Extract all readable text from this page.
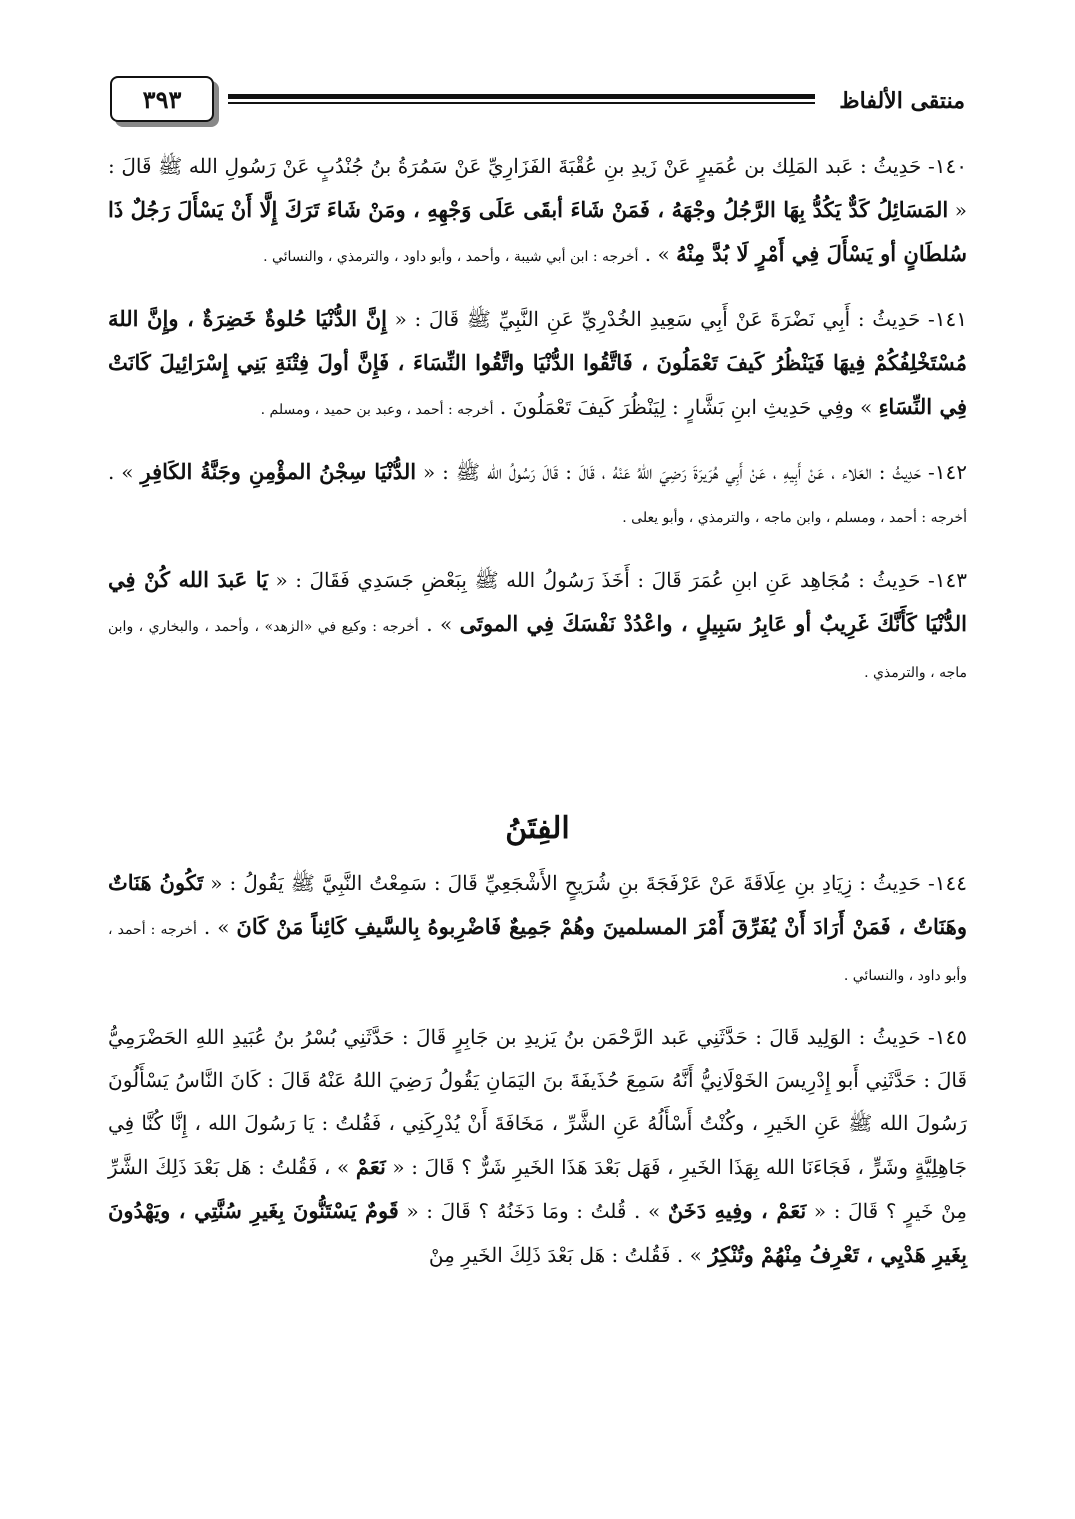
منتقى الألفاظ
٣٩٣

١٤٠- حَدِيثُ : عَبد المَلِك بن عُمَيرٍ عَنْ زَيدِ بنِ عُقْبَةَ الفَزَارِيِّ عَنْ سَمُرَةُ بنُ جُنْدُبٍ عَنْ رَسُولِ الله ﷺ قَالَ : « المَسَائِلُ كَدٌّ يَكُدُّ بِهَا الرَّجُلُ وجْهَهُ ، فَمَنْ شَاءَ أبقَى عَلَى وَجْهِهِ ، ومَنْ شَاءَ تَرَكَ إِلَّا أَنْ يَسْأَلَ رَجُلٌ ذَا سُلطَانٍ أو يَسْأَلَ فِي أَمْرٍ لَا بُدَّ مِنْهُ » . أخرجه : ابن أبي شيبة ، وأحمد ، وأبو داود ، والترمذي ، والنسائي .

١٤١- حَدِيثُ : أَبِي نَضْرَةَ عَنْ أَبِي سَعِيدِ الخُدْرِيِّ عَنِ النَّبِيِّ ﷺ قَالَ : « إِنَّ الدُّنْيَا حُلوةٌ خَضِرَةٌ ، وإِنَّ اللهَ مُسْتَخْلِفُكُمْ فِيهَا فَيَنْظُرُ كَيفَ تَعْمَلُونَ ، فَاتَّقُوا الدُّنْيَا واتَّقُوا النِّسَاءَ ، فَإِنَّ أولَ فِتْنَةِ بَنِي إِسْرَائِيلَ كَانَتْ فِي النِّسَاءِ » وفِي حَدِيثِ ابنِ بَشَّارٍ : لِيَنْظُرَ كَيفَ تَعْمَلُونَ . أخرجه : أحمد ، وعبد بن حميد ، ومسلم .

١٤٢- حَدِيثُ : العَلاء ، عَنْ أَبِيهِ ، عَنْ أَبِي هُرَيرَةَ رَضِيَ اللهُ عَنْهُ ، قَالَ : قَالَ رَسُولُ الله ﷺ : « الدُّنْيَا سِجْنُ المؤْمِنِ وجَنَّةُ الكَافِرِ » . أخرجه : أحمد ، ومسلم ، وابن ماجه ، والترمذي ، وأبو يعلى .

١٤٣- حَدِيثُ : مُجَاهِد عَنِ ابنِ عُمَرَ قَالَ : أَخَذَ رَسُولُ الله ﷺ بِبَعْضِ جَسَدِي فَقَالَ : « يَا عَبدَ الله كُنْ فِي الدُّنْيَا كَأَنَّكَ غَرِيبٌ أو عَابِرُ سَبِيلٍ ، واعْدُدْ نَفْسَكَ فِي الموتَى » . أخرجه : وكيع في «الزهد» ، وأحمد ، والبخاري ، وابن ماجه ، والترمذي .

الفِتَنُ

١٤٤- حَدِيثُ : زِيَادِ بنِ عِلَاقَةَ عَنْ عَرْفَجَةَ بنِ شُرَيحٍ الأَشْجَعِيِّ قَالَ : سَمِعْتُ النَّبِيَّ ﷺ يَقُولُ : « تَكُونُ هَنَاتٌ وهَنَاتٌ ، فَمَنْ أَرَادَ أَنْ يُفَرِّقَ أَمْرَ المسلمينَ وهُمْ جَمِيعٌ فَاضْرِبوهُ بِالسَّيفِ كَائِناً مَنْ كَانَ » . أخرجه : أحمد ، وأبو داود ، والنسائي .

١٤٥- حَدِيثُ : الوَلِيد قَالَ : حَدَّثَنِي عَبد الرَّحْمَن بنُ يَزيدِ بن جَابِرٍ قَالَ : حَدَّثَنِي بُسْرُ بنُ عُبَيدِ اللهِ الحَضْرَمِيُّ قَالَ : حَدَّثَنِي أَبو إِدْرِيسَ الخَوْلَانِيُّ أَنَّهُ سَمِعَ حُذَيفَةَ بنَ اليَمَانِ يَقُولُ رَضِيَ اللهُ عَنْهُ قَالَ : كَانَ النَّاسُ يَسْأَلُونَ رَسُولَ الله ﷺ عَنِ الخَيرِ ، وكُنْتُ أَسْأَلُهُ عَنِ الشَّرِّ ، مَخَافَةَ أَنْ يُدْرِكَنِي ، فَقُلتُ : يَا رَسُولَ الله ، إِنَّا كُنَّا فِي جَاهِلِيَّةٍ وشَرٍّ ، فَجَاءَنَا الله بِهَذَا الخَيرِ ، فَهَل بَعْدَ هَذَا الخَيرِ شَرٌّ ؟ قَالَ : « نَعَمْ » ، فَقُلتُ : هَل بَعْدَ ذَلِكَ الشَّرِّ مِنْ خَيرٍ ؟ قَالَ : « نَعَمْ ، وفِيهِ دَخَنٌ » . قُلتُ : ومَا دَخَنُهُ ؟ قَالَ : « قَومٌ يَسْتَنُّونَ بِغَيرِ سُنَّتِي ، ويَهْدُونَ بِغَيرِ هَدْيِي ، تَعْرِفُ مِنْهُمْ وتُنْكِرُ » . فَقُلتُ : هَل بَعْدَ ذَلِكَ الخَيرِ مِنْ
